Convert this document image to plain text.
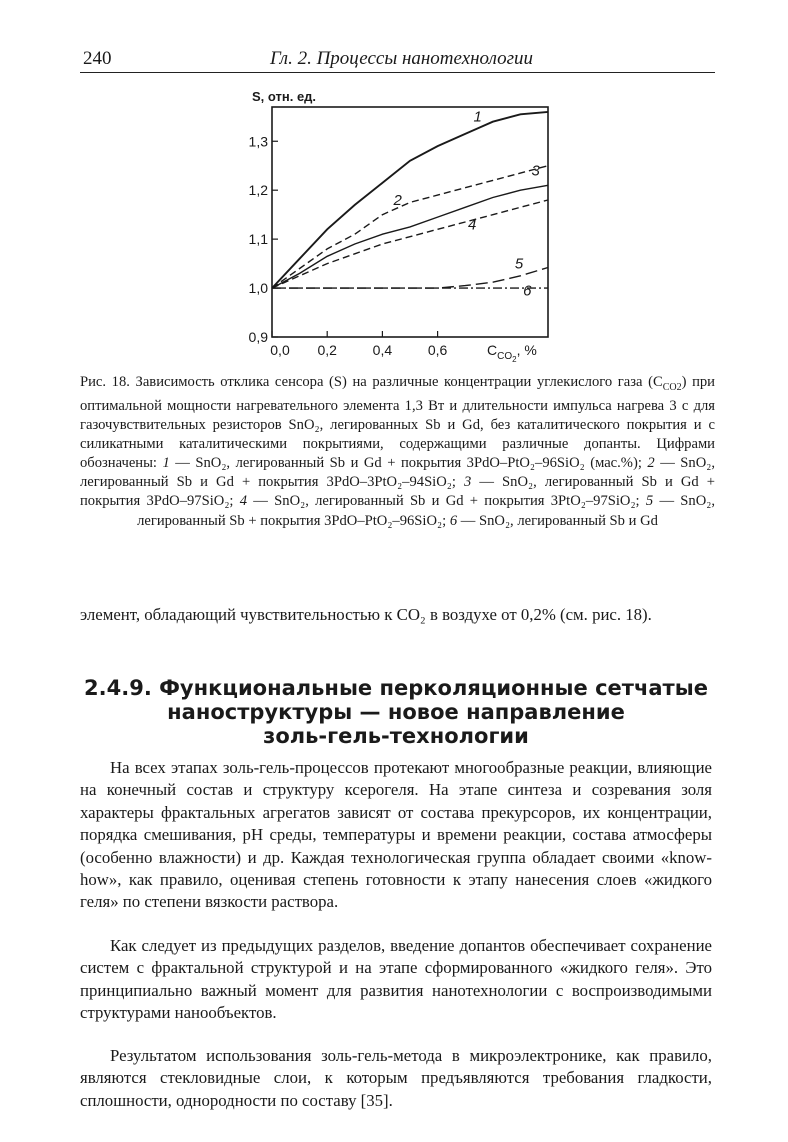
240	Гл. 2. Процессы нанотехнологии
0,0 0,2	0,4	0,6
0,9
1,0
1,1
1,2
1,3
S, отн. ед.
$C_{CO2}$, %
1
2
3
4
5
6
Рис. 18. Зависимость отклика сенсора (S) на различные концентрации углекислого газа $(C_{CO2})$ при оптимальной мощности нагревательного элемента 1,3 Вт и длительности импульса нагрева 3 с для газочувствительных резисторов SnO₂, легированных Sb и Gd, без каталитического покрытия и с силикатными каталитическими покрытиями, содержащими различные допанты. Цифрами обозначены: 1 — SnO₂, легированный Sb и Gd + покрытия 3PdO–PtO₂–96SiO₂ (мас.%); 2 — SnO₂, легированный Sb и Gd + покрытия 3PdO–3PtO₂–94SiO₂; 3 — SnO₂, легированный Sb и Gd + покрытия 3PdO–97SiO₂; 4 — SnO₂, легированный Sb и Gd + покрытия 3PtO₂–97SiO₂; 5 — SnO₂, легированный Sb + покрытия 3PdO–PtO₂–96SiO₂; 6 — SnO₂, легированный Sb и Gd
элемент, обладающий чувствительностью к CO₂ в воздухе от 0,2% (см. рис. 18).
2.4.9. Функциональные перколяционные сетчатые
наноструктуры — новое направление
золь-гель-технологии
На всех этапах золь-гель-процессов протекают многообразные реакции, влияющие на конечный состав и структуру ксерогеля. На этапе синтеза и созревания золя характеры фрактальных агрегатов зависят от состава прекурсоров, их концентрации, порядка смешивания, pH среды, температуры и времени реакции, состава атмосферы (особенно влажности) и др. Каждая технологическая группа обладает своими «know-how», как правило, оценивая степень готовности к этапу нанесения слоев «жидкого геля» по степени вязкости раствора.
Как следует из предыдущих разделов, введение допантов обеспечивает сохранение систем с фрактальной структурой и на этапе сформированного «жидкого геля». Это принципиально важный момент для развития нанотехнологии с воспроизводимыми структурами нанообъектов.
Результатом использования золь-гель-метода в микроэлектронике, как правило, являются стекловидные слои, к которым предъявляются требования гладкости, сплошности, однородности по составу [35].
